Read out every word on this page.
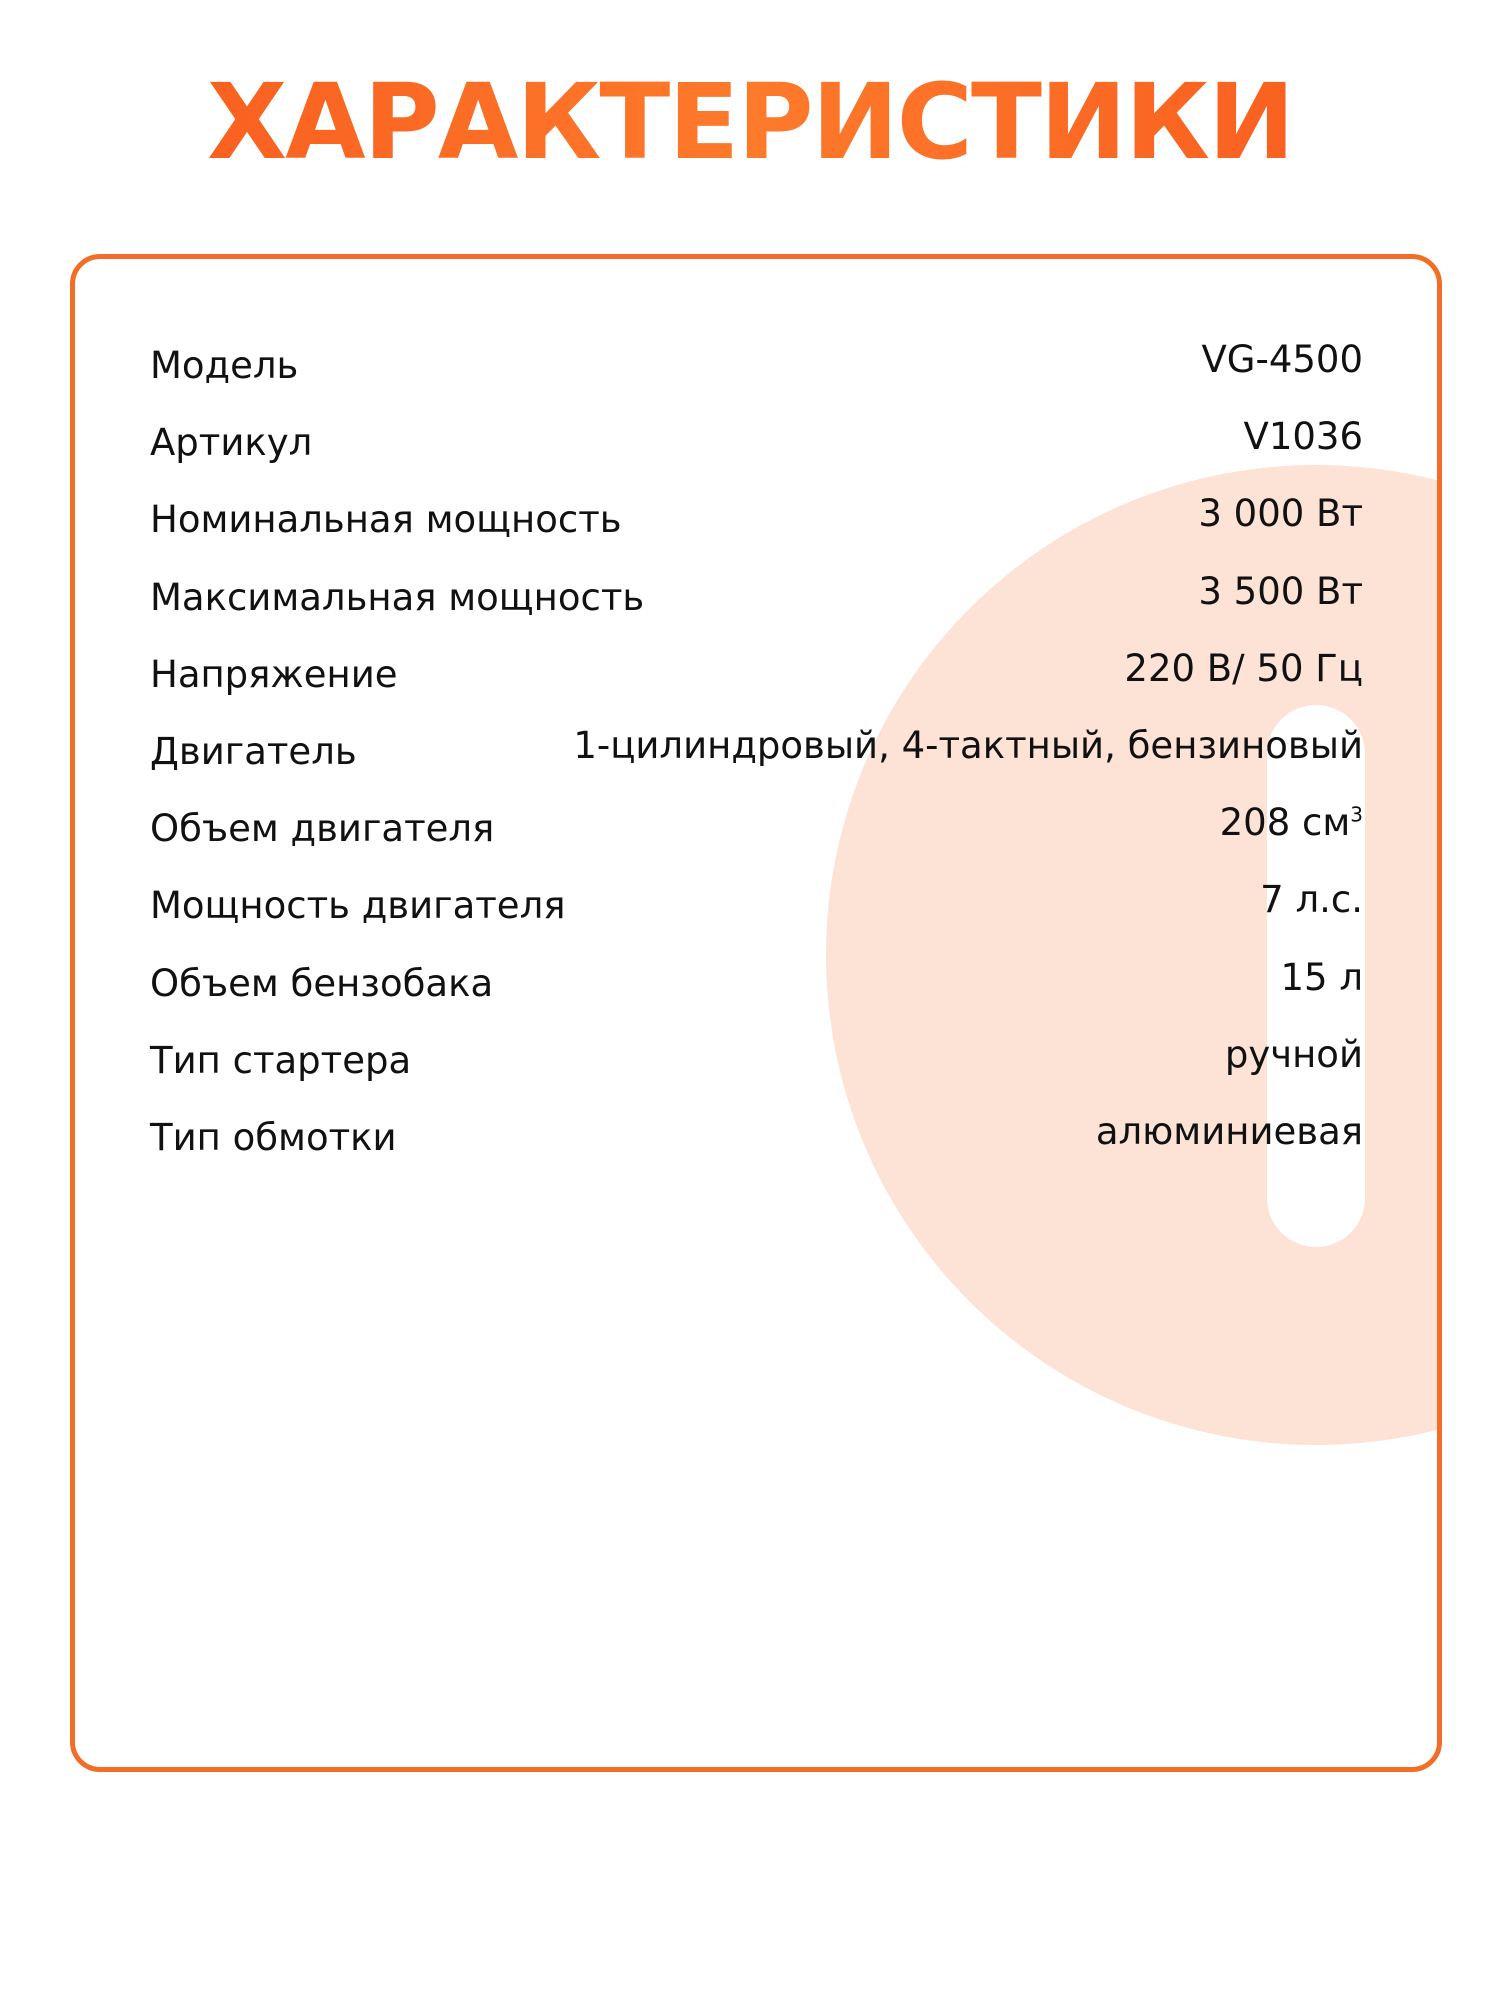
ХАРАКТЕРИСТИКИ
Модель	VG-4500
Артикул	V1036
Номинальная мощность	3 000 Вт
Максимальная мощность	3 500 Вт
Напряжение	220 В/ 50 Гц
Двигатель	1-цилиндровый, 4-тактный, бензиновый
Объем двигателя	208 $см^3$
Мощность двигателя	7 л.с.
Объем бензобака	15 л
Тип стартера	ручной
Тип обмотки	алюминиевая
